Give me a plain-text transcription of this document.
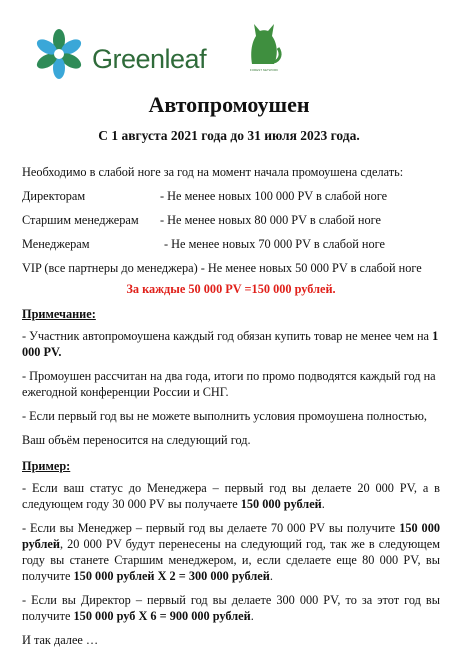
Greenleaf	FOREST NETWORK
Автопромоушен
С 1 августа 2021 года до 31 июля 2023 года.
Необходимо в слабой ноге за год на момент начала промоушена сделать:
Директорам	- Не менее новых 100 000 PV в слабой ноге
Старшим менеджерам - Не менее новых 80 000 PV в слабой ноге
Менеджерам	- Не менее новых 70 000 PV в слабой ноге
VIP (все партнеры до менеджера) - Не менее новых 50 000 PV в слабой ноге
За каждые 50 000 PV =150 000 рублей.
Примечание:
- Участник автопромоушена каждый год обязан купить товар не менее чем на 1 000 PV.
- Промоушен рассчитан на два года, итоги по промо подводятся каждый год на ежегодной конференции России и СНГ.
- Если первый год вы не можете выполнить условия промоушена полностью,
Ваш объём переносится на следующий год.
Пример:
- Если ваш статус до Менеджера – первый год вы делаете 20 000 PV, а в следующем году 30 000 PV вы получаете 150 000 рублей.
- Если вы Менеджер – первый год вы делаете 70 000 PV вы получите 150 000 рублей, 20 000 PV будут перенесены на следующий год, так же в следующем году вы станете Старшим менеджером, и, если сделаете еще 80 000 PV, вы получите 150 000 рублей Х 2 = 300 000 рублей.
- Если вы Директор – первый год вы делаете 300 000 PV, то за этот год вы получите 150 000 руб Х 6 = 900 000 рублей.
И так далее …
